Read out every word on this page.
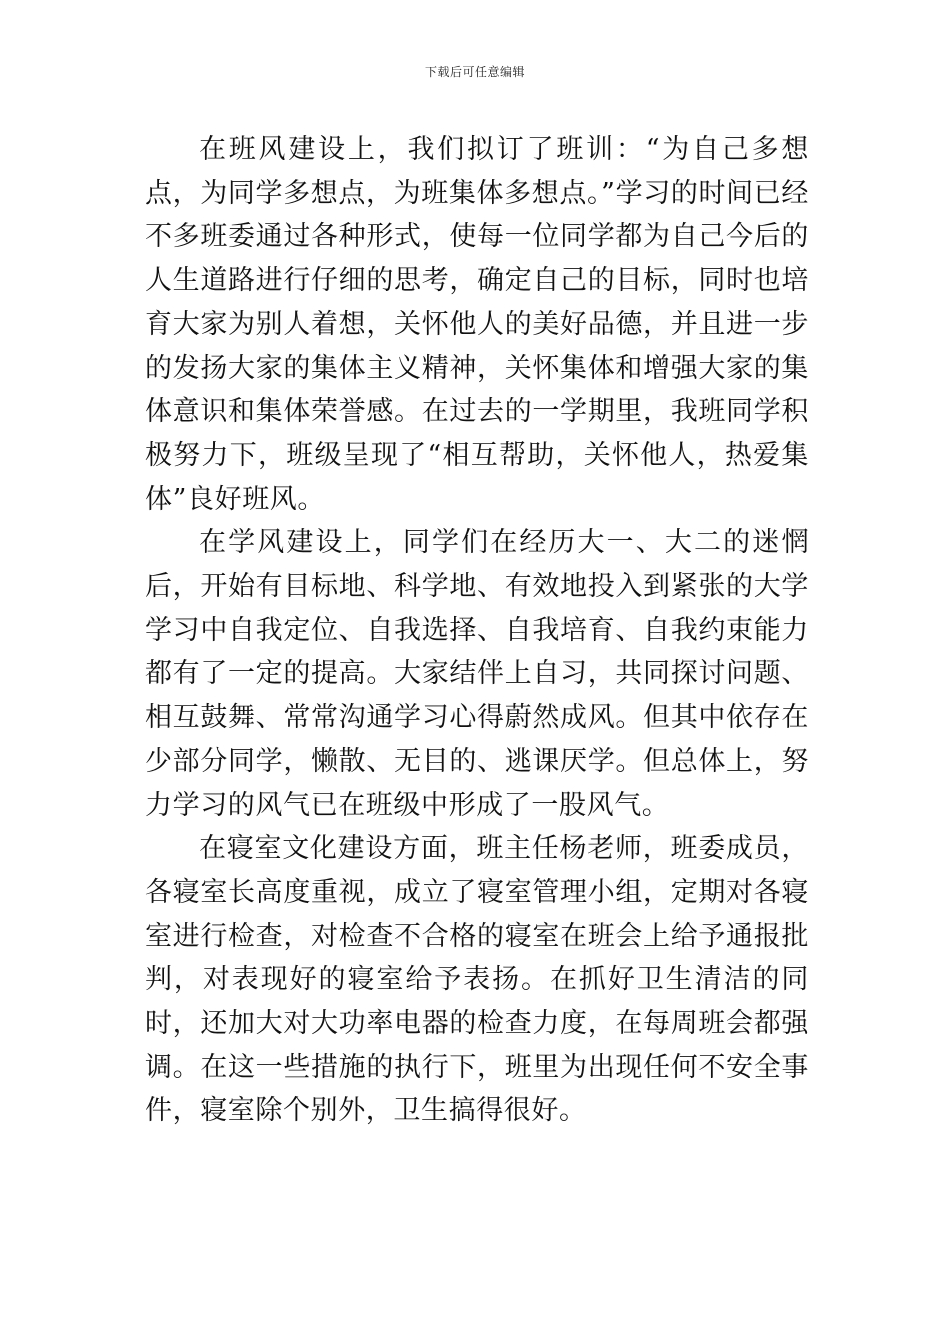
下载后可任意编辑

在班风建设上，我们拟订了班训：“为自己多想点，为同学多想点，为班集体多想点。”学习的时间已经不多班委通过各种形式，使每一位同学都为自己今后的人生道路进行仔细的思考，确定自己的目标，同时也培育大家为别人着想，关怀他人的美好品德，并且进一步的发扬大家的集体主义精神，关怀集体和增强大家的集体意识和集体荣誉感。在过去的一学期里，我班同学积极努力下，班级呈现了“相互帮助，关怀他人，热爱集体”良好班风。

在学风建设上，同学们在经历大一、大二的迷惘后，开始有目标地、科学地、有效地投入到紧张的大学学习中自我定位、自我选择、自我培育、自我约束能力都有了一定的提高。大家结伴上自习，共同探讨问题、相互鼓舞、常常沟通学习心得蔚然成风。但其中依存在少部分同学，懒散、无目的、逃课厌学。但总体上，努力学习的风气已在班级中形成了一股风气。

在寝室文化建设方面，班主任杨老师，班委成员，各寝室长高度重视，成立了寝室管理小组，定期对各寝室进行检查，对检查不合格的寝室在班会上给予通报批判，对表现好的寝室给予表扬。在抓好卫生清洁的同时，还加大对大功率电器的检查力度，在每周班会都强调。在这一些措施的执行下，班里为出现任何不安全事件，寝室除个别外，卫生搞得很好。
